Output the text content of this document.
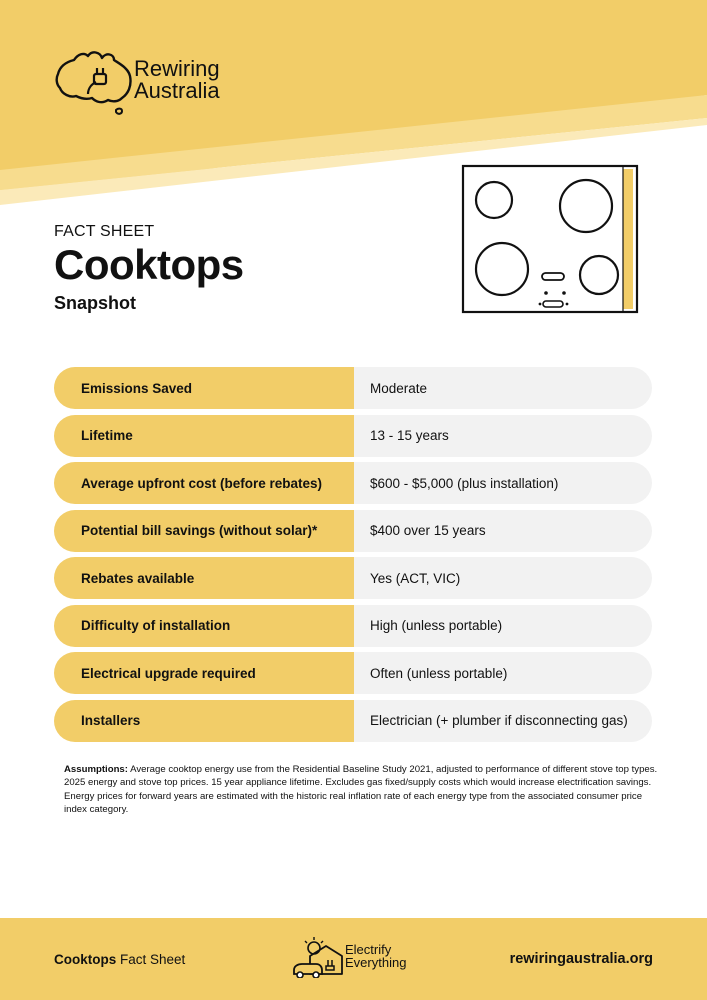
Rewiring
Australia
FACT SHEET
Cooktops
Snapshot
Emissions Saved	Moderate
Lifetime	13 - 15 years
Average upfront cost (before rebates)	$600 - $5,000 (plus installation)
Potential bill savings (without solar)*	$400 over 15 years
Rebates available	Yes (ACT, VIC)
Difficulty of installation	High (unless portable)
Electrical upgrade required	Often (unless portable)
Installers	Electrician (+ plumber if disconnecting gas)
Assumptions: Average cooktop energy use from the Residential Baseline Study 2021, adjusted to performance of different stove top types. 2025 energy and stove top prices. 15 year appliance lifetime. Excludes gas fixed/supply costs which would increase electrification savings. Energy prices for forward years are estimated with the historic real inflation rate of each energy type from the associated consumer price index category.
Cooktops Fact Sheet
Electrify
Everything	rewiringaustralia.org
